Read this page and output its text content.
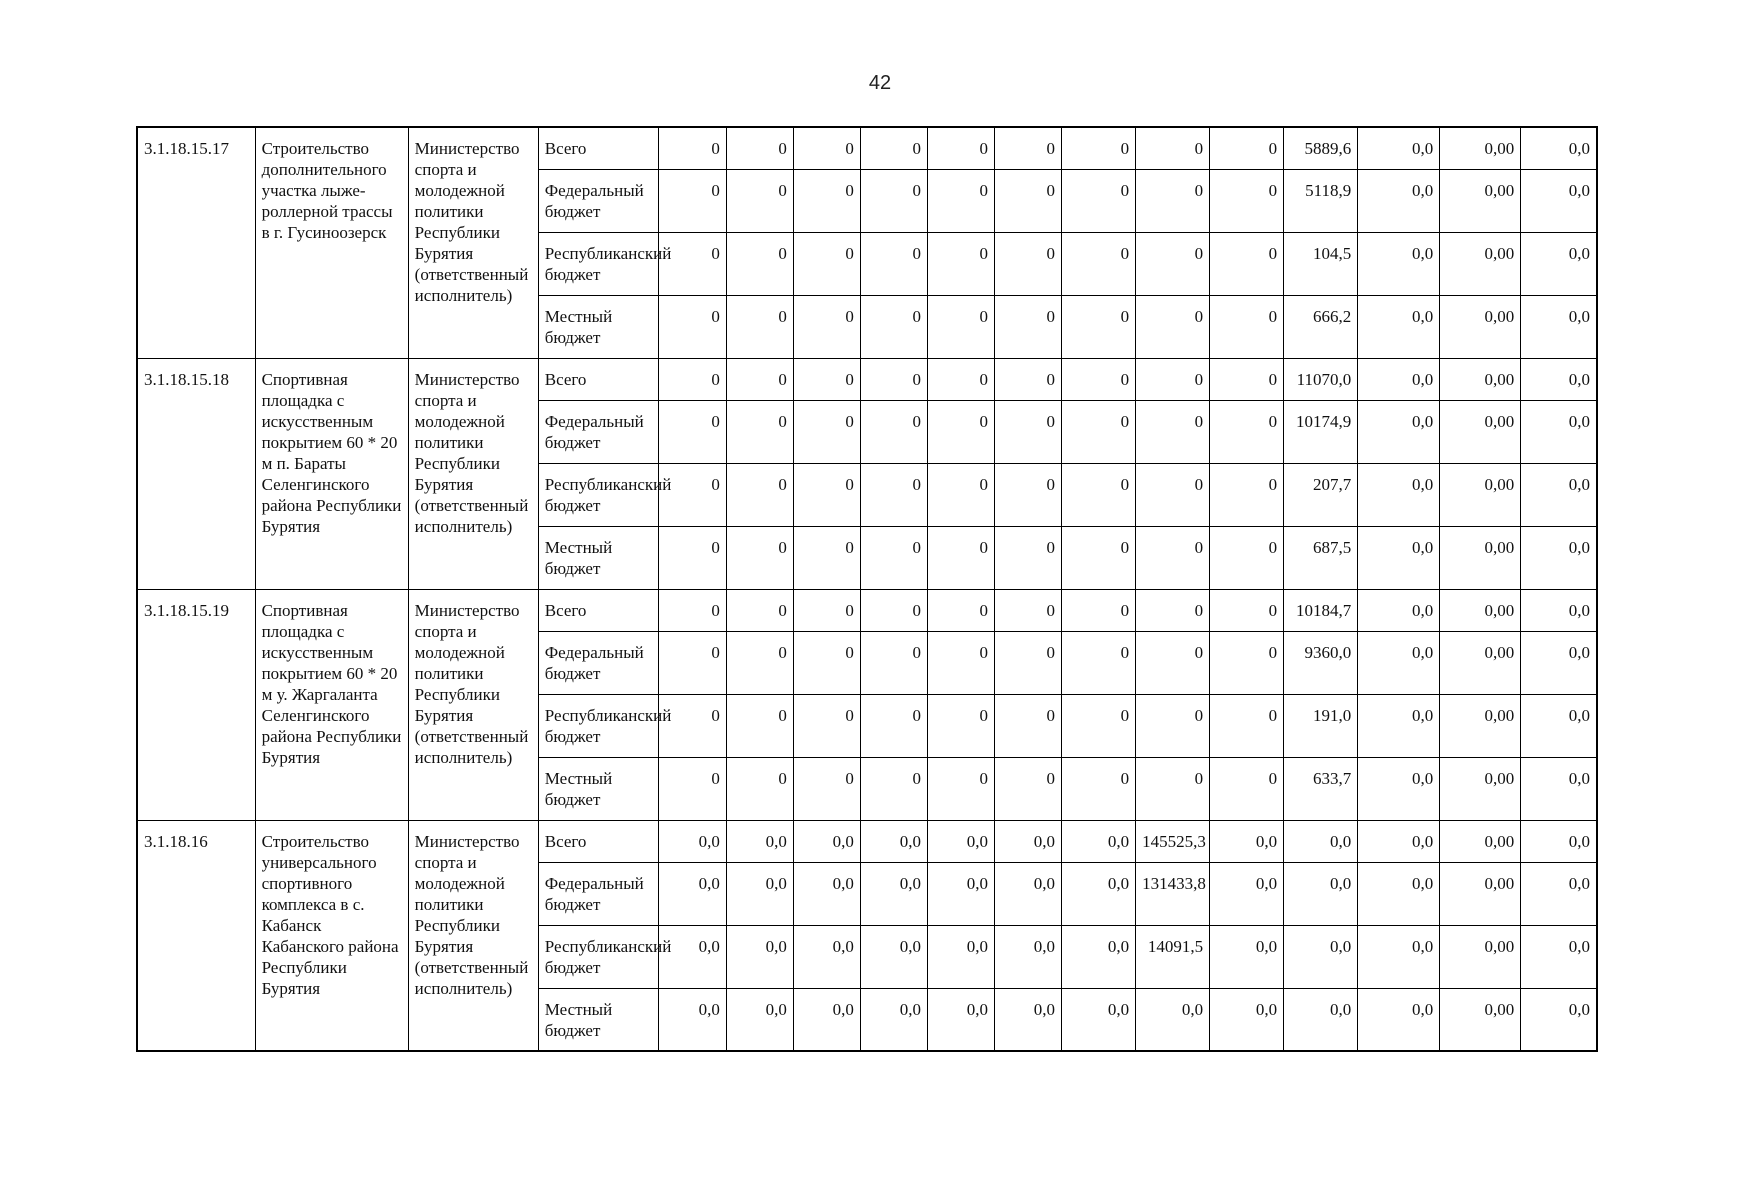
42
3.1.18.15.17	Строительство дополнительного участка лыже-роллерной трассы в г. Гусиноозерск	Министерство спорта и молодежной политики Республики Бурятия (ответственный исполнитель)	Всего	0	0	0	0	0	0	0	0	0	5889,6	0,0	0,00	0,0
			Федеральный бюджет	0	0	0	0	0	0	0	0	0	5118,9	0,0	0,00	0,0
			Республиканский бюджет	0	0	0	0	0	0	0	0	0	104,5	0,0	0,00	0,0
			Местный бюджет	0	0	0	0	0	0	0	0	0	666,2	0,0	0,00	0,0
3.1.18.15.18	Спортивная площадка с искусственным покрытием 60 * 20 м п. Бараты Селенгинского района Республики Бурятия	Министерство спорта и молодежной политики Республики Бурятия (ответственный исполнитель)	Всего	0	0	0	0	0	0	0	0	0	11070,0	0,0	0,00	0,0
			Федеральный бюджет	0	0	0	0	0	0	0	0	0	10174,9	0,0	0,00	0,0
			Республиканский бюджет	0	0	0	0	0	0	0	0	0	207,7	0,0	0,00	0,0
			Местный бюджет	0	0	0	0	0	0	0	0	0	687,5	0,0	0,00	0,0
3.1.18.15.19	Спортивная площадка с искусственным покрытием 60 * 20 м у. Жаргаланта Селенгинского района Республики Бурятия	Министерство спорта и молодежной политики Республики Бурятия (ответственный исполнитель)	Всего	0	0	0	0	0	0	0	0	0	10184,7	0,0	0,00	0,0
			Федеральный бюджет	0	0	0	0	0	0	0	0	0	9360,0	0,0	0,00	0,0
			Республиканский бюджет	0	0	0	0	0	0	0	0	0	191,0	0,0	0,00	0,0
			Местный бюджет	0	0	0	0	0	0	0	0	0	633,7	0,0	0,00	0,0
3.1.18.16	Строительство универсального спортивного комплекса в с. Кабанск Кабанского района Республики Бурятия	Министерство спорта и молодежной политики Республики Бурятия (ответственный исполнитель)	Всего	0,0	0,0	0,0	0,0	0,0	0,0	0,0	145525,3	0,0	0,0	0,0	0,00	0,0
			Федеральный бюджет	0,0	0,0	0,0	0,0	0,0	0,0	0,0	131433,8	0,0	0,0	0,0	0,00	0,0
			Республиканский бюджет	0,0	0,0	0,0	0,0	0,0	0,0	0,0	14091,5	0,0	0,0	0,0	0,00	0,0
			Местный бюджет	0,0	0,0	0,0	0,0	0,0	0,0	0,0	0,0	0,0	0,0	0,0	0,00	0,0
